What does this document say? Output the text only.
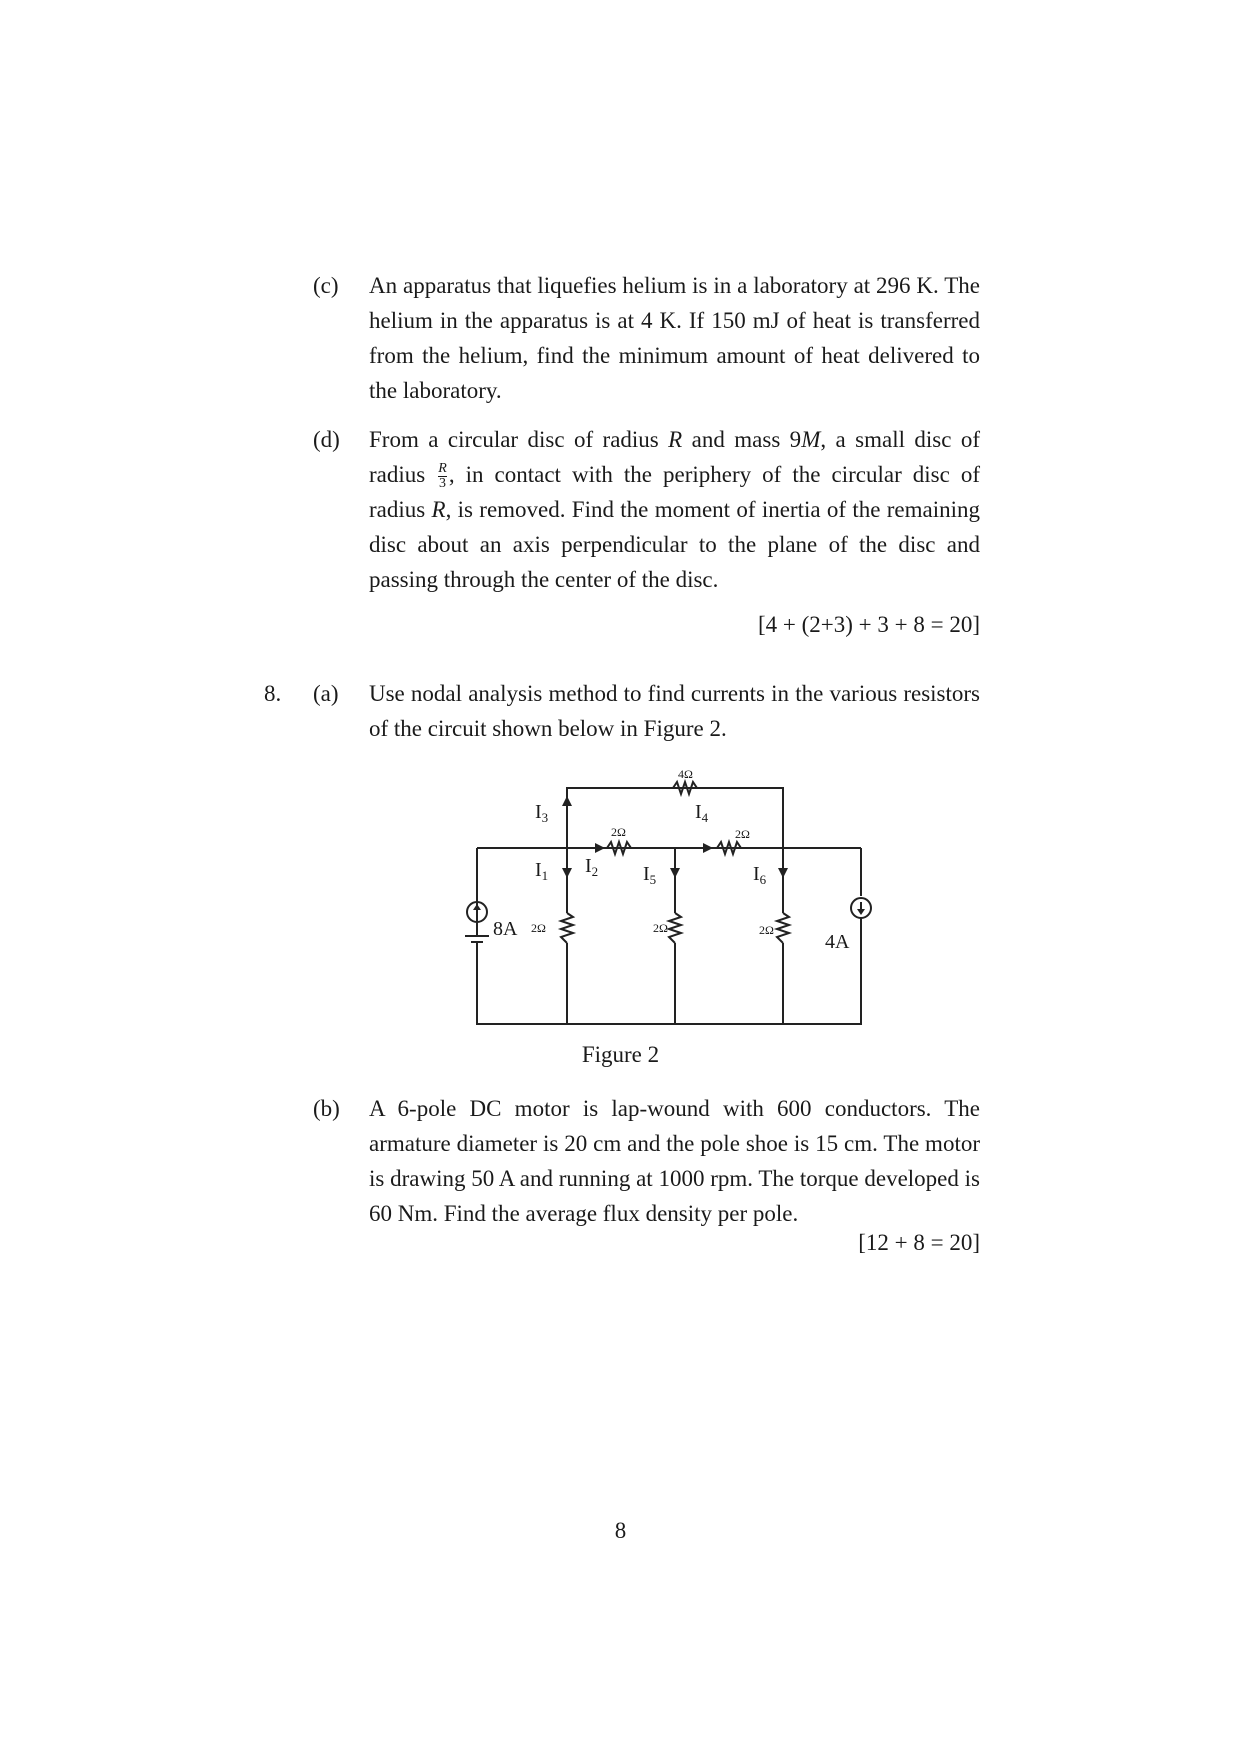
(c) An apparatus that liquefies helium is in a laboratory at 296 K. The helium in the apparatus is at 4 K. If 150 mJ of heat is transferred from the helium, find the minimum amount of heat delivered to the laboratory.

(d) From a circular disc of radius R and mass 9M, a small disc of radius $\frac{R}{3}$ , in contact with the periphery of the circular disc of radius R, is removed. Find the moment of inertia of the remaining disc about an axis perpendicular to the plane of the disc and passing through the center of the disc.

[4 + (2+3) + 3 + 8 = 20]
8. (a) Use nodal analysis method to find currents in the various resistors of the circuit shown below in Figure 2.

4Ω
2Ω	2Ω
2Ω	2Ω	2Ω
8A
4A
$I_3$
$I_1$ $I_2$
$I_4$
$I_5$	$I_6$
Figure 2
(b) A 6-pole DC motor is lap-wound with 600 conductors. The armature diameter is 20 cm and the pole shoe is 15 cm. The motor is drawing 50 A and running at 1000 rpm. The torque developed is 60 Nm. Find the average flux density per pole.

[12 + 8 = 20]
8
